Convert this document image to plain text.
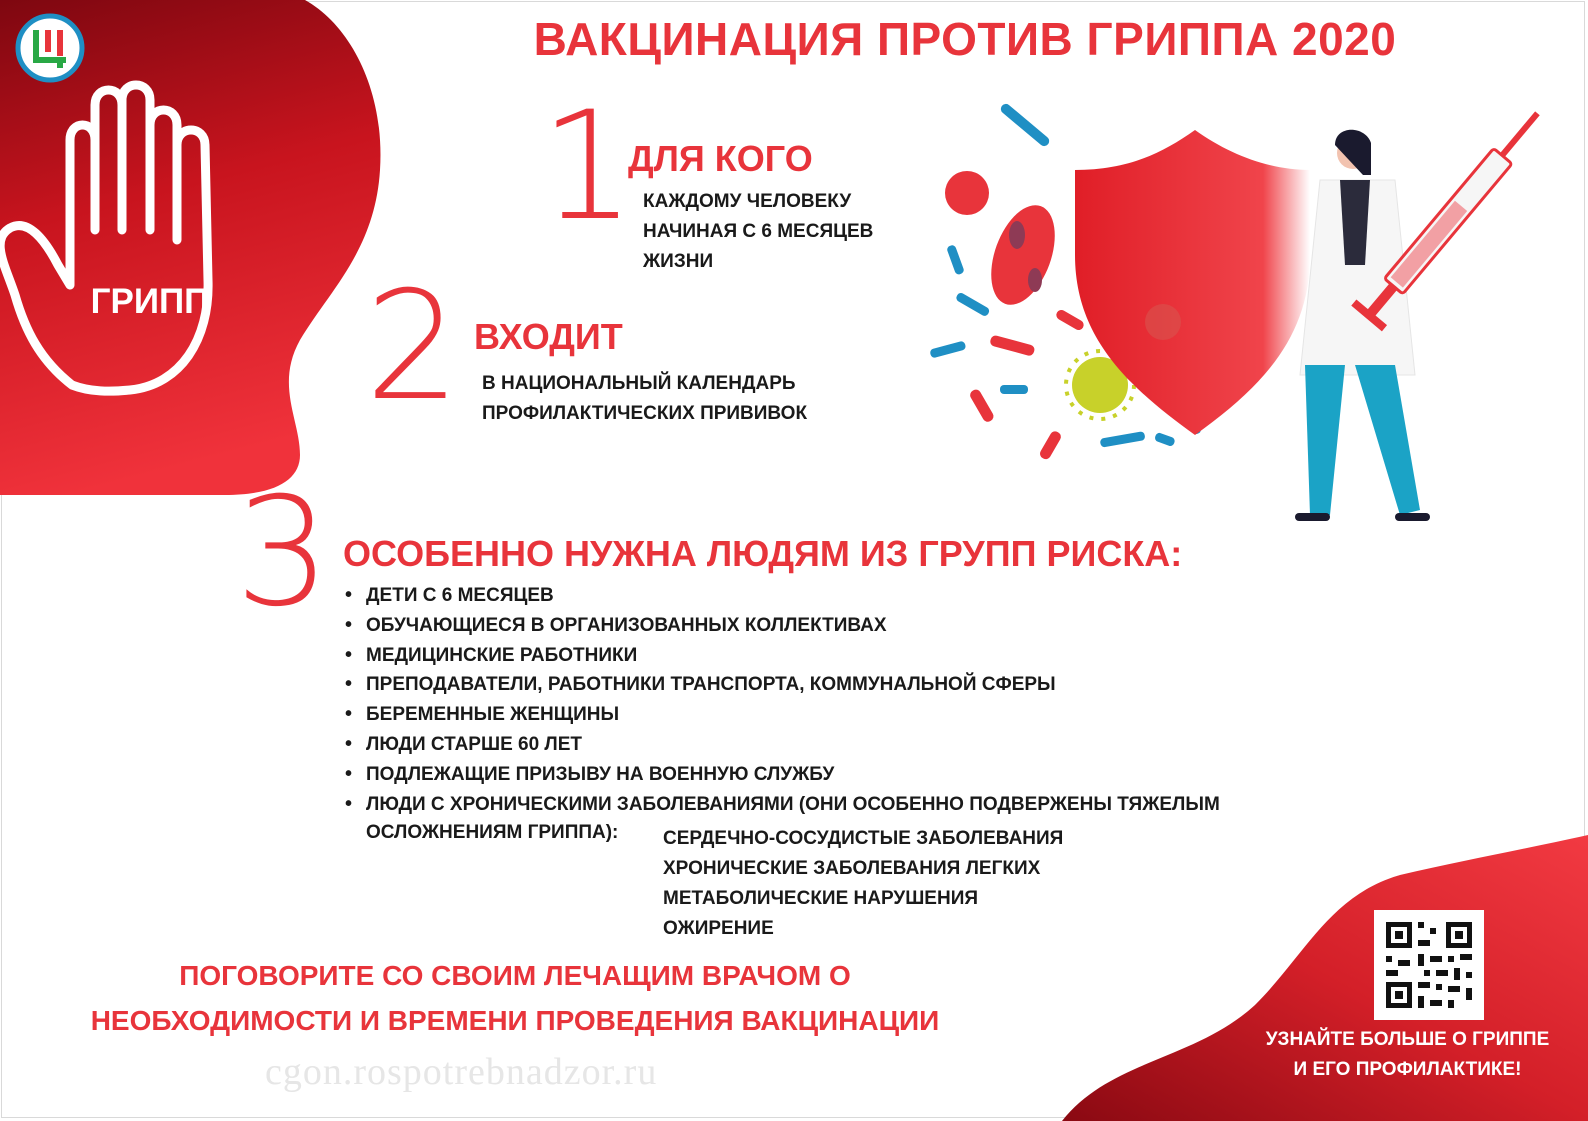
ГРИПП
ВАКЦИНАЦИЯ ПРОТИВ ГРИППА 2020
1
ДЛЯ КОГО
КАЖДОМУ ЧЕЛОВЕКУ
НАЧИНАЯ С 6 МЕСЯЦЕВ
ЖИЗНИ
2 ВХОДИТ
В НАЦИОНАЛЬНЫЙ КАЛЕНДАРЬ
ПРОФИЛАКТИЧЕСКИХ ПРИВИВОК
3 ОСОБЕННО НУЖНА ЛЮДЯМ ИЗ ГРУПП РИСКА:
• ДЕТИ С 6 МЕСЯЦЕВ
• ОБУЧАЮЩИЕСЯ В ОРГАНИЗОВАННЫХ КОЛЛЕКТИВАХ
• МЕДИЦИНСКИЕ РАБОТНИКИ
• ПРЕПОДАВАТЕЛИ, РАБОТНИКИ ТРАНСПОРТА, КОММУНАЛЬНОЙ СФЕРЫ
• БЕРЕМЕННЫЕ ЖЕНЩИНЫ
• ЛЮДИ СТАРШЕ 60 ЛЕТ
• ПОДЛЕЖАЩИЕ ПРИЗЫВУ НА ВОЕННУЮ СЛУЖБУ
• ЛЮДИ С ХРОНИЧЕСКИМИ ЗАБОЛЕВАНИЯМИ (ОНИ ОСОБЕННО ПОДВЕРЖЕНЫ ТЯЖЕЛЫМ
ОСЛОЖНЕНИЯМ ГРИППА): СЕРДЕЧНО-СОСУДИСТЫЕ ЗАБОЛЕВАНИЯ
ХРОНИЧЕСКИЕ ЗАБОЛЕВАНИЯ ЛЕГКИХ
МЕТАБОЛИЧЕСКИЕ НАРУШЕНИЯ
ОЖИРЕНИЕ
ПОГОВОРИТЕ СО СВОИМ ЛЕЧАЩИМ ВРАЧОМ О
НЕОБХОДИМОСТИ И ВРЕМЕНИ ПРОВЕДЕНИЯ ВАКЦИНАЦИИ
cgon.rospotrebnadzor.ru
УЗНАЙТЕ БОЛЬШЕ О ГРИППЕ
И ЕГО ПРОФИЛАКТИКЕ!
